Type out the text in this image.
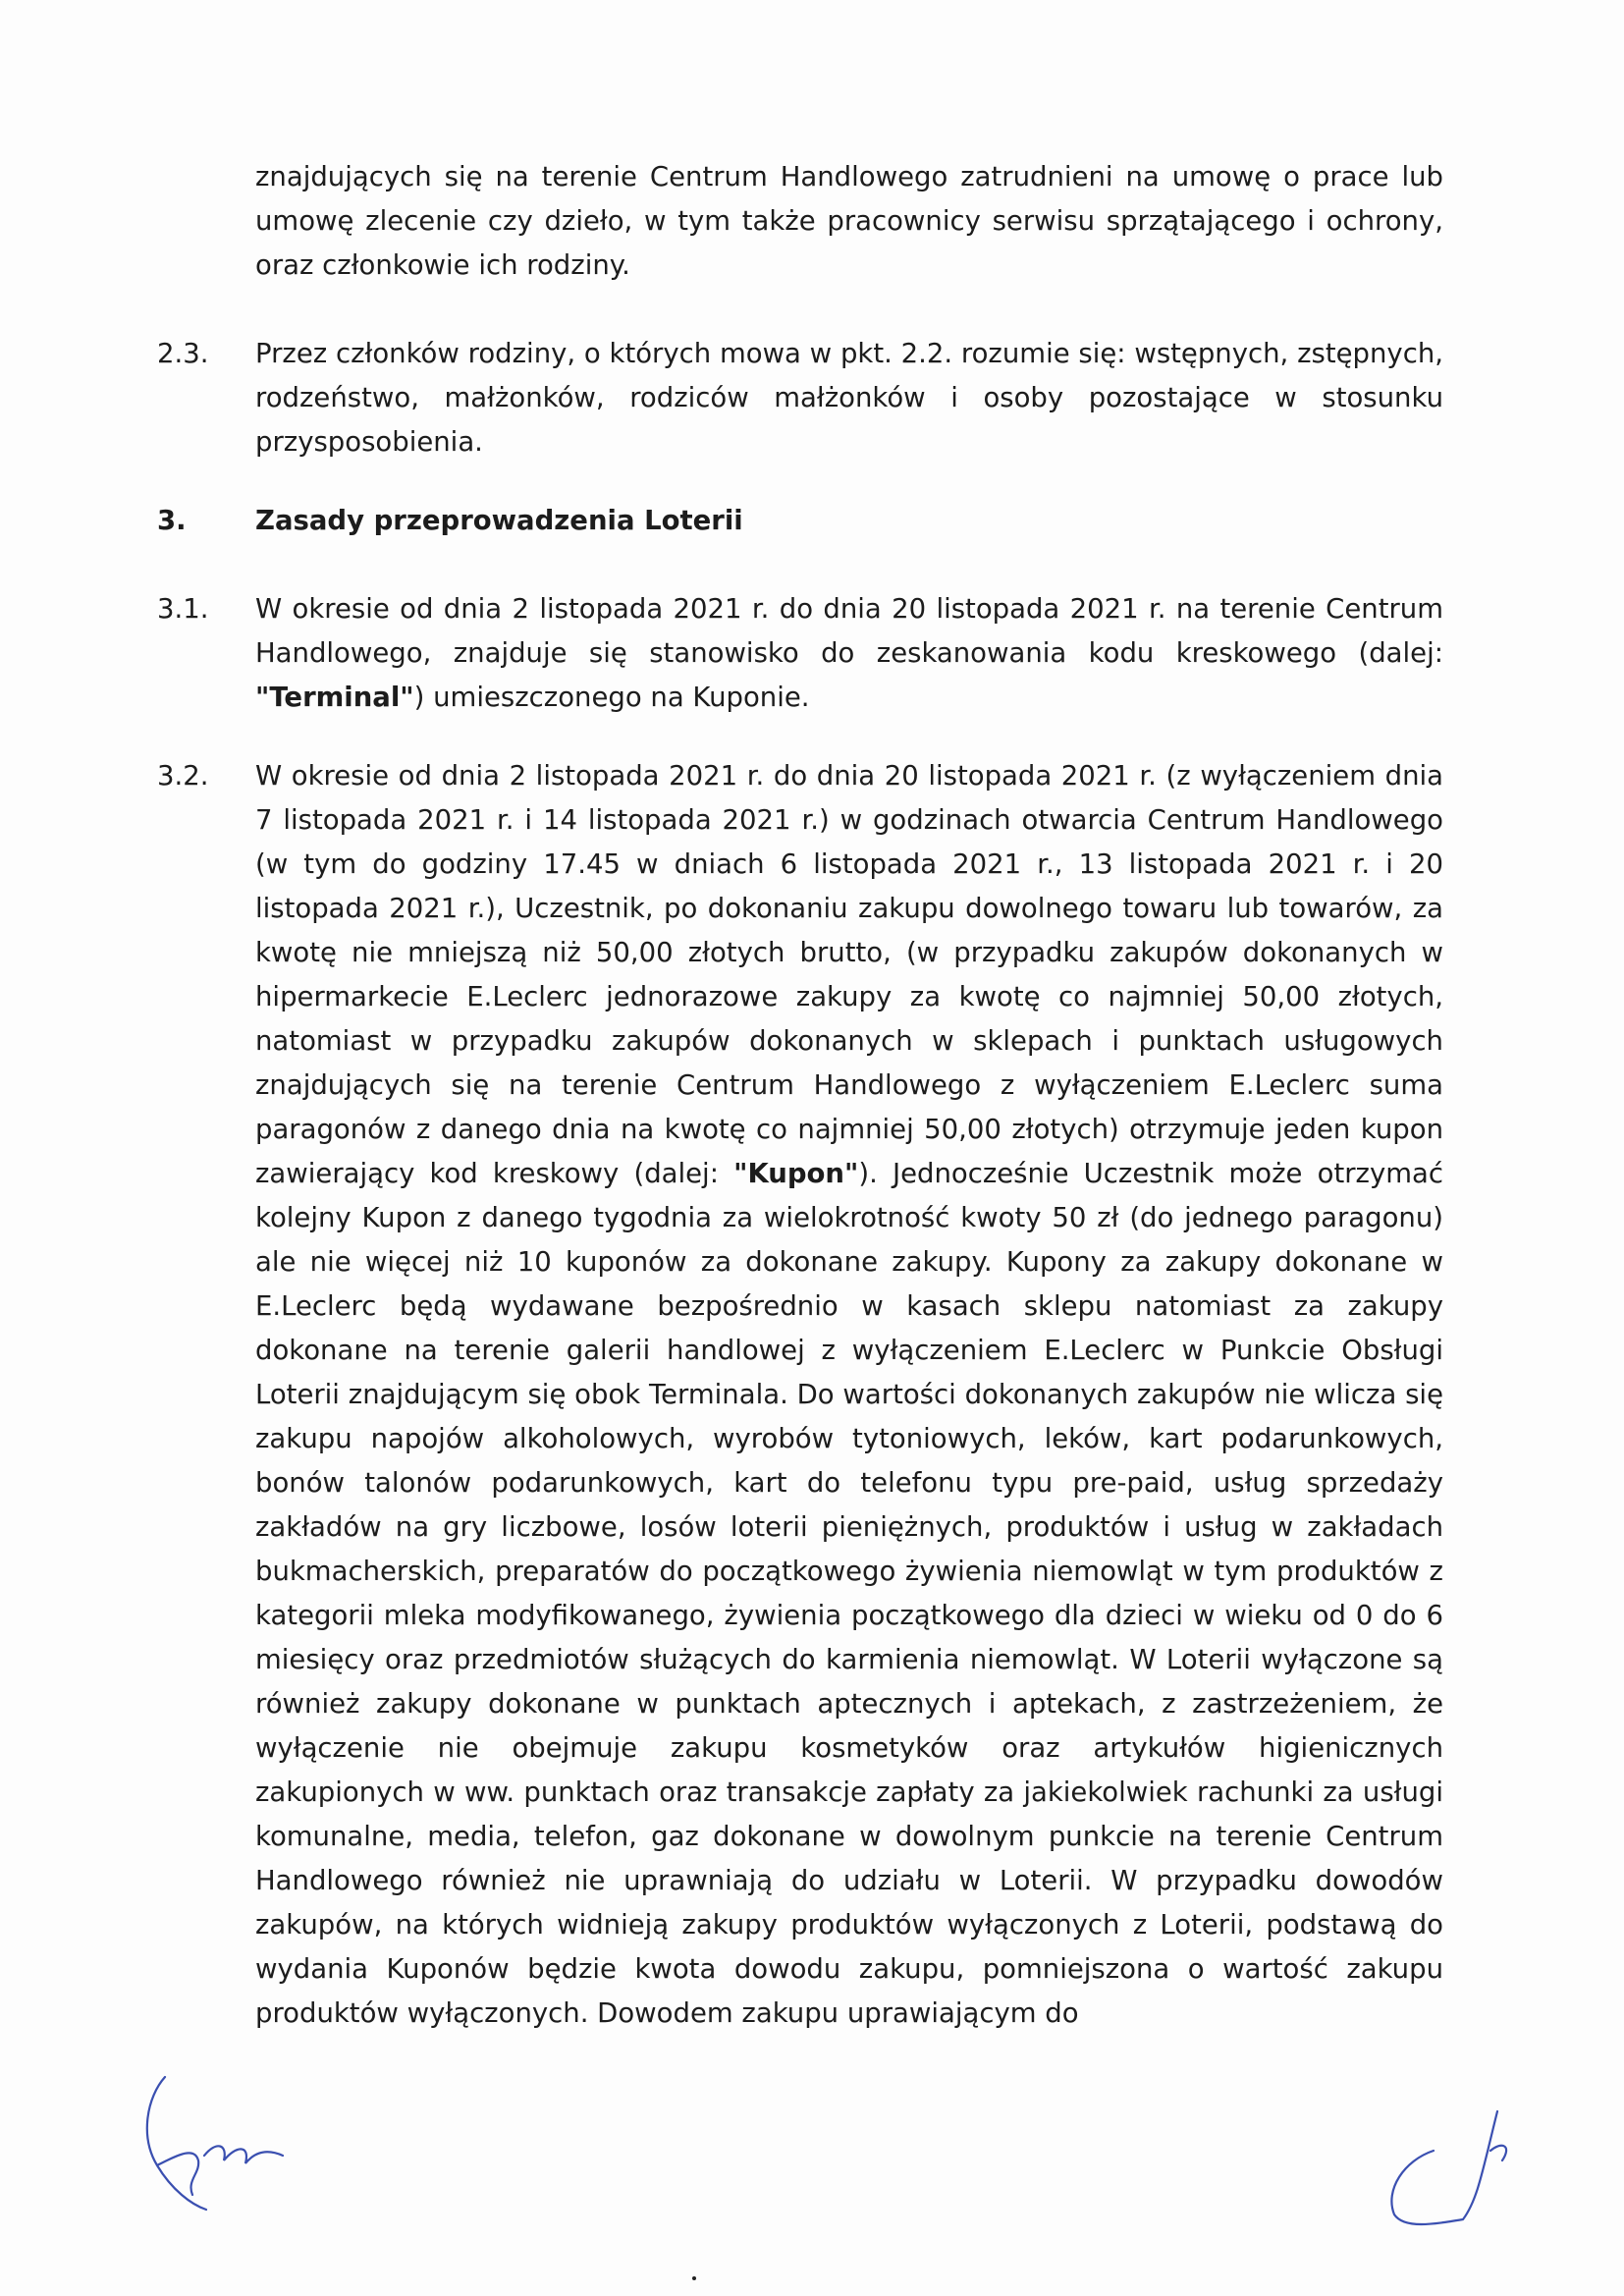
znajdujących się na terenie Centrum Handlowego zatrudnieni na umowę o prace lub umowę zlecenie czy dzieło, w tym także pracownicy serwisu sprzątającego i ochrony, oraz członkowie ich rodziny.

2.3. Przez członków rodziny, o których mowa w pkt. 2.2. rozumie się: wstępnych, zstępnych, rodzeństwo, małżonków, rodziców małżonków i osoby pozostające w stosunku przysposobienia.

3.	Zasady przeprowadzenia Loterii

3.1. W okresie od dnia 2 listopada 2021 r. do dnia 20 listopada 2021 r. na terenie Centrum Handlowego, znajduje się stanowisko do zeskanowania kodu kreskowego (dalej: "Terminal") umieszczonego na Kuponie.

3.2. W okresie od dnia 2 listopada 2021 r. do dnia 20 listopada 2021 r. (z wyłączeniem dnia 7 listopada 2021 r. i 14 listopada 2021 r.) w godzinach otwarcia Centrum Handlowego (w tym do godziny 17.45 w dniach 6 listopada 2021 r., 13 listopada 2021 r. i 20 listopada 2021 r.), Uczestnik, po dokonaniu zakupu dowolnego towaru lub towarów, za kwotę nie mniejszą niż 50,00 złotych brutto, (w przypadku zakupów dokonanych w hipermarkecie E.Leclerc jednorazowe zakupy za kwotę co najmniej 50,00 złotych, natomiast w przypadku zakupów dokonanych w sklepach i punktach usługowych znajdujących się na terenie Centrum Handlowego z wyłączeniem E.Leclerc suma paragonów z danego dnia na kwotę co najmniej 50,00 złotych) otrzymuje jeden kupon zawierający kod kreskowy (dalej: "Kupon"). Jednocześnie Uczestnik może otrzymać kolejny Kupon z danego tygodnia za wielokrotność kwoty 50 zł (do jednego paragonu) ale nie więcej niż 10 kuponów za dokonane zakupy. Kupony za zakupy dokonane w E.Leclerc będą wydawane bezpośrednio w kasach sklepu natomiast za zakupy dokonane na terenie galerii handlowej z wyłączeniem E.Leclerc w Punkcie Obsługi Loterii znajdującym się obok Terminala. Do wartości dokonanych zakupów nie wlicza się zakupu napojów alkoholowych, wyrobów tytoniowych, leków, kart podarunkowych, bonów talonów podarunkowych, kart do telefonu typu pre-paid, usług sprzedaży zakładów na gry liczbowe, losów loterii pieniężnych, produktów i usług w zakładach bukmacherskich, preparatów do początkowego żywienia niemowląt w tym produktów z kategorii mleka modyfikowanego, żywienia początkowego dla dzieci w wieku od 0 do 6 miesięcy oraz przedmiotów służących do karmienia niemowląt. W Loterii wyłączone są również zakupy dokonane w punktach aptecznych i aptekach, z zastrzeżeniem, że wyłączenie nie obejmuje zakupu kosmetyków oraz artykułów higienicznych zakupionych w ww. punktach oraz transakcje zapłaty za jakiekolwiek rachunki za usługi komunalne, media, telefon, gaz dokonane w dowolnym punkcie na terenie Centrum Handlowego również nie uprawniają do udziału w Loterii. W przypadku dowodów zakupów, na których widnieją zakupy produktów wyłączonych z Loterii, podstawą do wydania Kuponów będzie kwota dowodu zakupu, pomniejszona o wartość zakupu produktów wyłączonych. Dowodem zakupu uprawiającym do
